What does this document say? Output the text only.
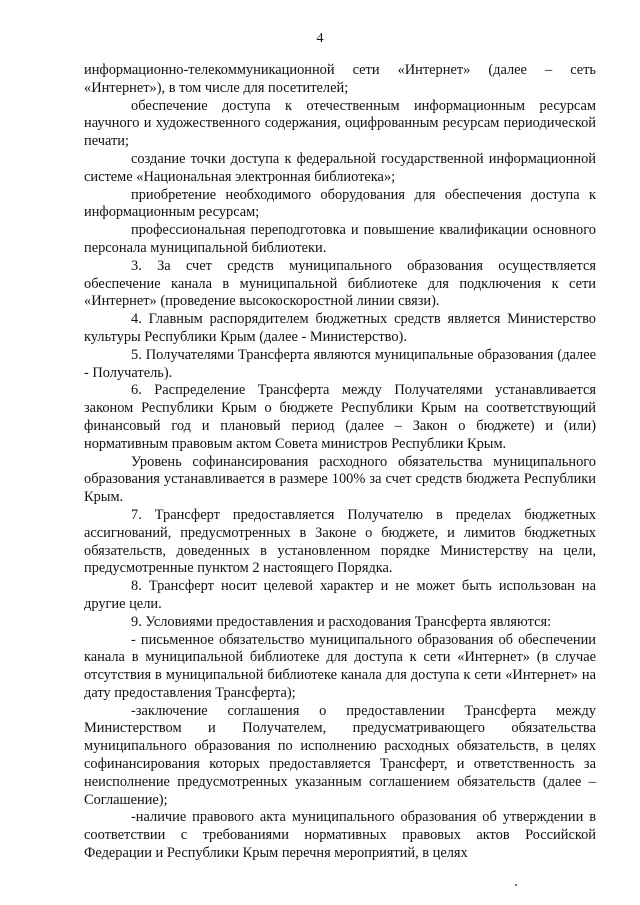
4

информационно-телекоммуникационной сети «Интернет» (далее – сеть «Интернет»), в том числе для посетителей;

обеспечение доступа к отечественным информационным ресурсам научного и художественного содержания, оцифрованным ресурсам периодической печати;

создание точки доступа к федеральной государственной информационной системе «Национальная электронная библиотека»;

приобретение необходимого оборудования для обеспечения доступа к информационным ресурсам;

профессиональная переподготовка и повышение квалификации основного персонала муниципальной библиотеки.

3. За счет средств муниципального образования осуществляется обеспечение канала в муниципальной библиотеке для подключения к сети «Интернет» (проведение высокоскоростной линии связи).

4. Главным распорядителем бюджетных средств является Министерство культуры Республики Крым (далее - Министерство).

5. Получателями Трансферта являются муниципальные образования (далее - Получатель).

6. Распределение Трансферта между Получателями устанавливается законом Республики Крым о бюджете Республики Крым на соответствующий финансовый год и плановый период (далее – Закон о бюджете) и (или) нормативным правовым актом Совета министров Республики Крым.

Уровень софинансирования расходного обязательства муниципального образования устанавливается в размере 100% за счет средств бюджета Республики Крым.

7. Трансферт предоставляется Получателю в пределах бюджетных ассигнований, предусмотренных в Законе о бюджете, и лимитов бюджетных обязательств, доведенных в установленном порядке Министерству на цели, предусмотренные пунктом 2 настоящего Порядка.

8. Трансферт носит целевой характер и не может быть использован на другие цели.

9. Условиями предоставления и расходования Трансферта являются:

- письменное обязательство муниципального образования об обеспечении канала в муниципальной библиотеке для доступа к сети «Интернет» (в случае отсутствия в муниципальной библиотеке канала для доступа к сети «Интернет» на дату предоставления Трансферта);

-заключение соглашения о предоставлении Трансферта между Министерством и Получателем, предусматривающего обязательства муниципального образования по исполнению расходных обязательств, в целях софинансирования которых предоставляется Трансферт, и ответственность за неисполнение предусмотренных указанным соглашением обязательств (далее – Соглашение);

-наличие правового акта муниципального образования об утверждении в соответствии с требованиями нормативных правовых актов Российской Федерации и Республики Крым перечня мероприятий, в целях
